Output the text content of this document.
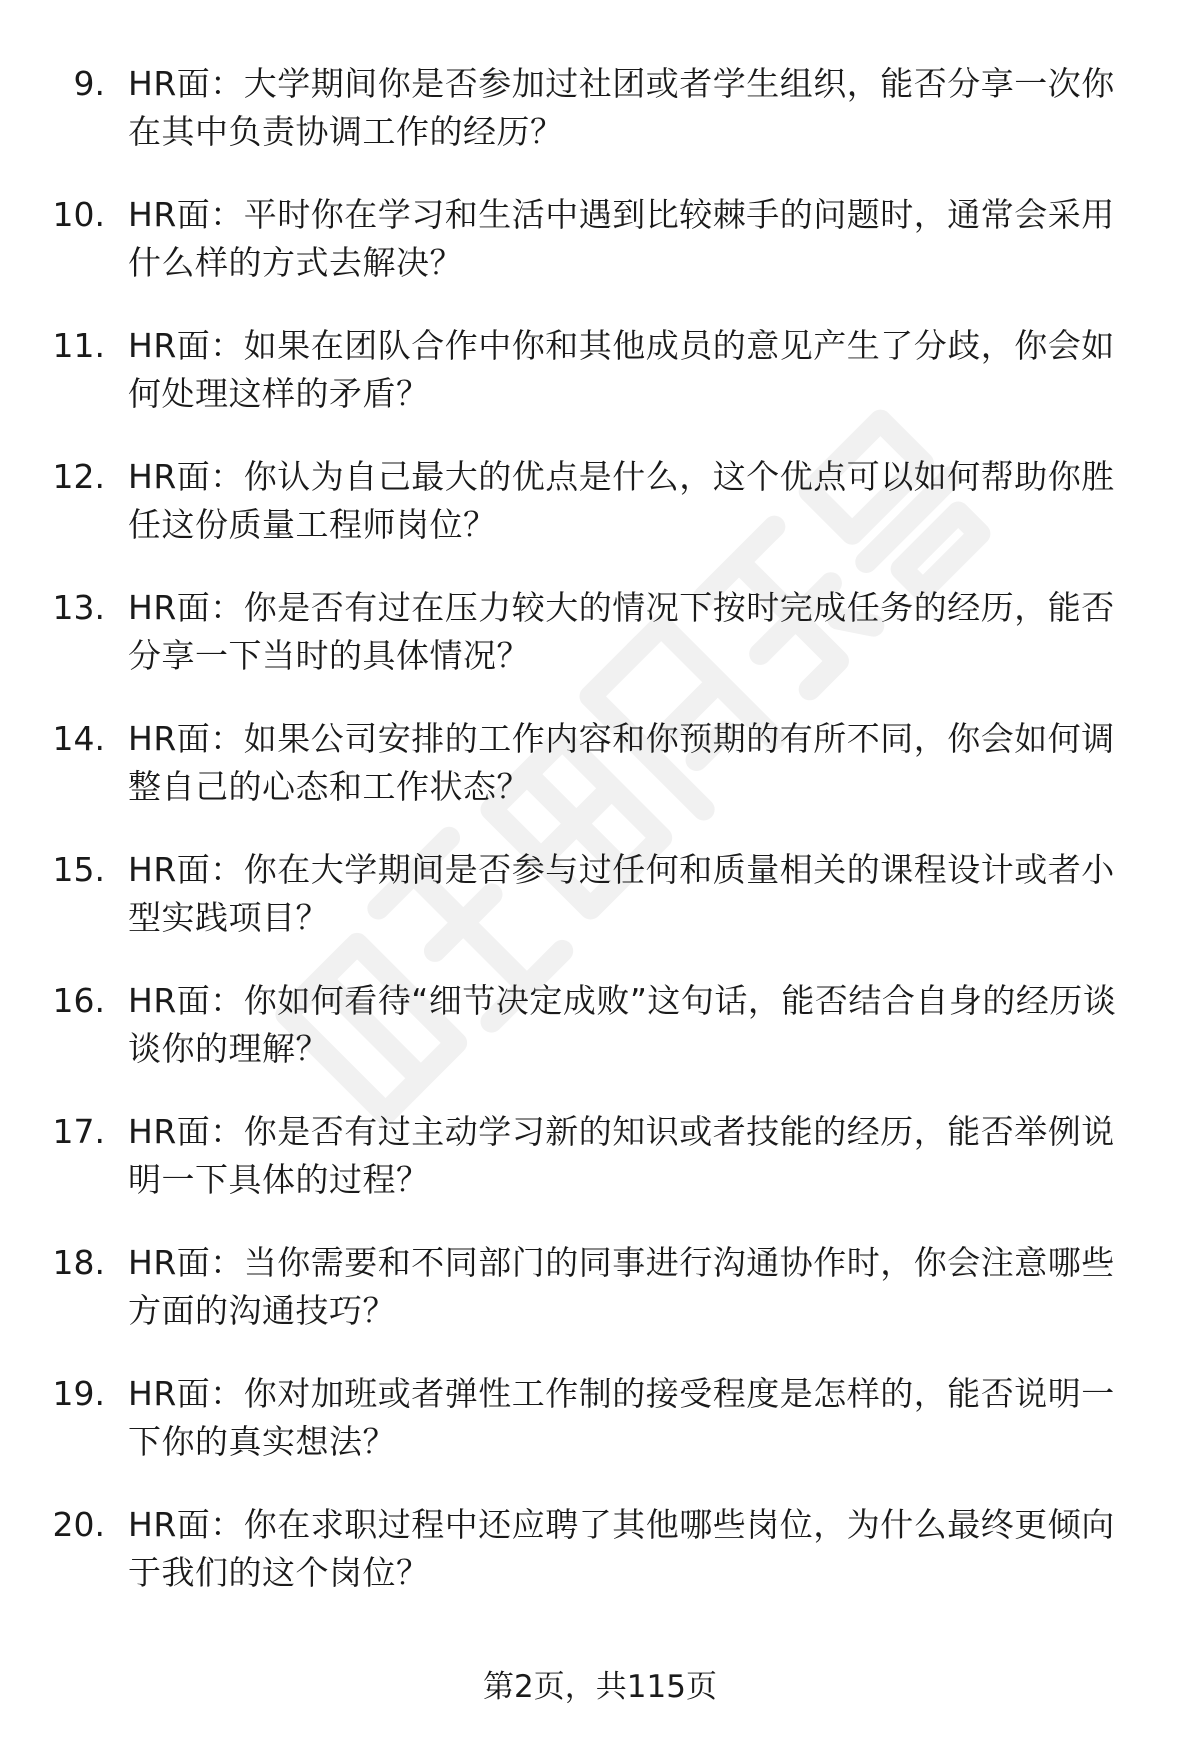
9. HR面：大学期间你是否参加过社团或者学生组织，能否分享一次你在其中负责协调工作的经历？
10. HR面：平时你在学习和生活中遇到比较棘手的问题时，通常会采用什么样的方式去解决？
11. HR面：如果在团队合作中你和其他成员的意见产生了分歧，你会如何处理这样的矛盾？
12. HR面：你认为自己最大的优点是什么，这个优点可以如何帮助你胜任这份质量工程师岗位？
13. HR面：你是否有过在压力较大的情况下按时完成任务的经历，能否分享一下当时的具体情况？
14. HR面：如果公司安排的工作内容和你预期的有所不同，你会如何调整自己的心态和工作状态？
15. HR面：你在大学期间是否参与过任何和质量相关的课程设计或者小型实践项目？
16. HR面：你如何看待“细节决定成败”这句话，能否结合自身的经历谈谈你的理解？
17. HR面：你是否有过主动学习新的知识或者技能的经历，能否举例说明一下具体的过程？
18. HR面：当你需要和不同部门的同事进行沟通协作时，你会注意哪些方面的沟通技巧？
19. HR面：你对加班或者弹性工作制的接受程度是怎样的，能否说明一下你的真实想法？
20. HR面：你在求职过程中还应聘了其他哪些岗位，为什么最终更倾向于我们的这个岗位？
第2页，共115页
